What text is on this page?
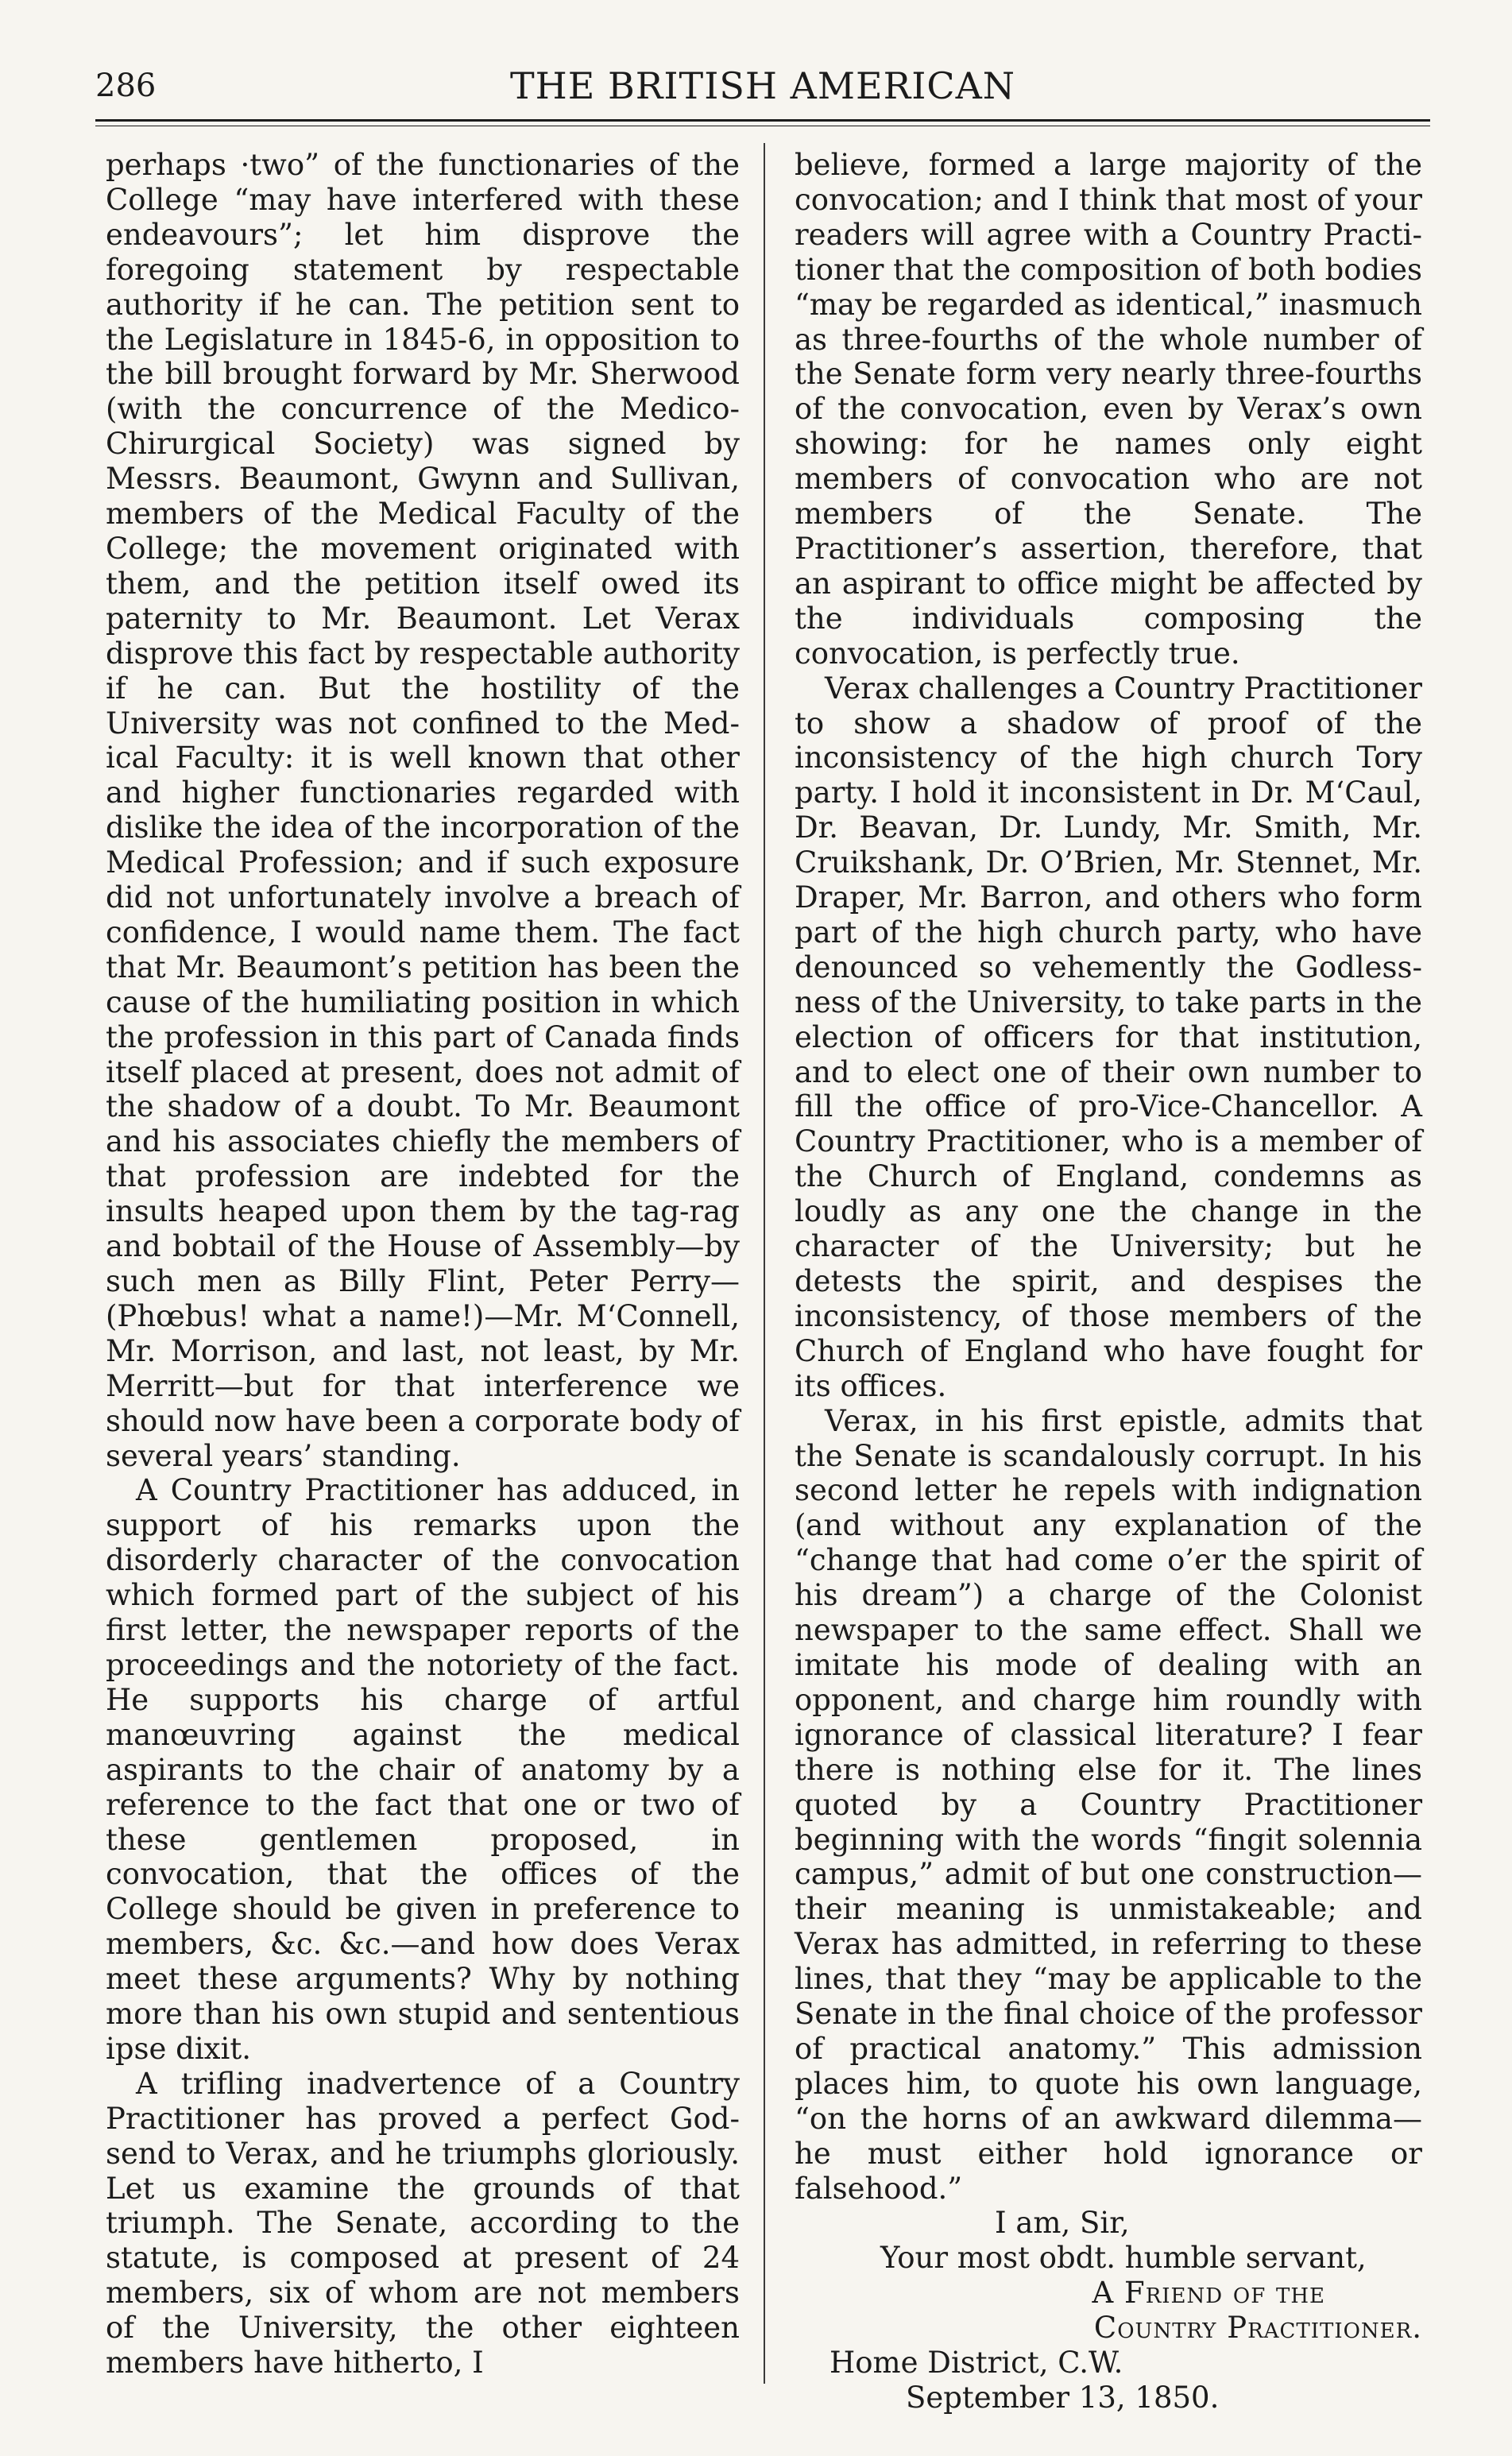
286	THE BRITISH AMERICAN

perhaps ·two” of the functionaries of the College “may have interfered with these endeavours”; let him disprove the foregoing statement by respectable authority if he can. The petition sent to the Legislature in 1845-6, in opposition to the bill brought forward by Mr. Sherwood (with the concurrence of the Medico-Chirurgical Society) was signed by Messrs. Beaumont, Gwynn and Sullivan, members of the Medical Faculty of the College; the movement originated with them, and the petition itself owed its paternity to Mr. Beaumont. Let Verax disprove this fact by respectable authority if he can. But the hostility of the University was not confined to the Medical Faculty: it is well known that other and higher functionaries regarded with dislike the idea of the incorporation of the Medical Profession; and if such exposure did not unfortunately involve a breach of confidence, I would name them. The fact that Mr. Beaumont’s petition has been the cause of the humiliating position in which the profession in this part of Canada finds itself placed at present, does not admit of the shadow of a doubt. To Mr. Beaumont and his associates chiefly the members of that profession are indebted for the insults heaped upon them by the tag-rag and bobtail of the House of Assembly—by such men as Billy Flint, Peter Perry—(Phœbus! what a name!)—Mr. M‘Connell, Mr. Morrison, and last, not least, by Mr. Merritt—but for that interference we should now have been a corporate body of several years’ standing.

A Country Practitioner has adduced, in support of his remarks upon the disorderly character of the convocation which formed part of the subject of his first letter, the newspaper reports of the proceedings and the notoriety of the fact. He supports his charge of artful manœuvring against the medical aspirants to the chair of anatomy by a reference to the fact that one or two of these gentlemen proposed, in convocation, that the offices of the College should be given in preference to members, &c. &c.—and how does Verax meet these arguments? Why by nothing more than his own stupid and sententious ipse dixit.

A trifling inadvertence of a Country Practitioner has proved a perfect God-send to Verax, and he triumphs gloriously. Let us examine the grounds of that triumph. The Senate, according to the statute, is composed at present of 24 members, six of whom are not members of the University, the other eighteen members have hitherto, I

believe, formed a large majority of the convocation; and I think that most of your readers will agree with a Country Practitioner that the composition of both bodies “may be regarded as identical,” inasmuch as three-fourths of the whole number of the Senate form very nearly three-fourths of the convocation, even by Verax’s own showing: for he names only eight members of convocation who are not members of the Senate. The Practitioner’s assertion, therefore, that an aspirant to office might be affected by the individuals composing the convocation, is perfectly true.

Verax challenges a Country Practitioner to show a shadow of proof of the inconsistency of the high church Tory party. I hold it inconsistent in Dr. M‘Caul, Dr. Beavan, Dr. Lundy, Mr. Smith, Mr. Cruikshank, Dr. O’Brien, Mr. Stennet, Mr. Draper, Mr. Barron, and others who form part of the high church party, who have denounced so vehemently the Godlessness of the University, to take parts in the election of officers for that institution, and to elect one of their own number to fill the office of pro-Vice-Chancellor. A Country Practitioner, who is a member of the Church of England, condemns as loudly as any one the change in the character of the University; but he detests the spirit, and despises the inconsistency, of those members of the Church of England who have fought for its offices.

Verax, in his first epistle, admits that the Senate is scandalously corrupt. In his second letter he repels with indignation (and without any explanation of the “change that had come o’er the spirit of his dream”) a charge of the Colonist newspaper to the same effect. Shall we imitate his mode of dealing with an opponent, and charge him roundly with ignorance of classical literature? I fear there is nothing else for it. The lines quoted by a Country Practitioner beginning with the words “fingit solennia campus,” admit of but one construction—their meaning is unmistakeable; and Verax has admitted, in referring to these lines, that they “may be applicable to the Senate in the final choice of the professor of practical anatomy.” This admission places him, to quote his own language, “on the horns of an awkward dilemma—he must either hold ignorance or falsehood.”

I am, Sir,
Your most obdt. humble servant,
A Friend of the
Country Practitioner.
Home District, C.W.
September 13, 1850.
